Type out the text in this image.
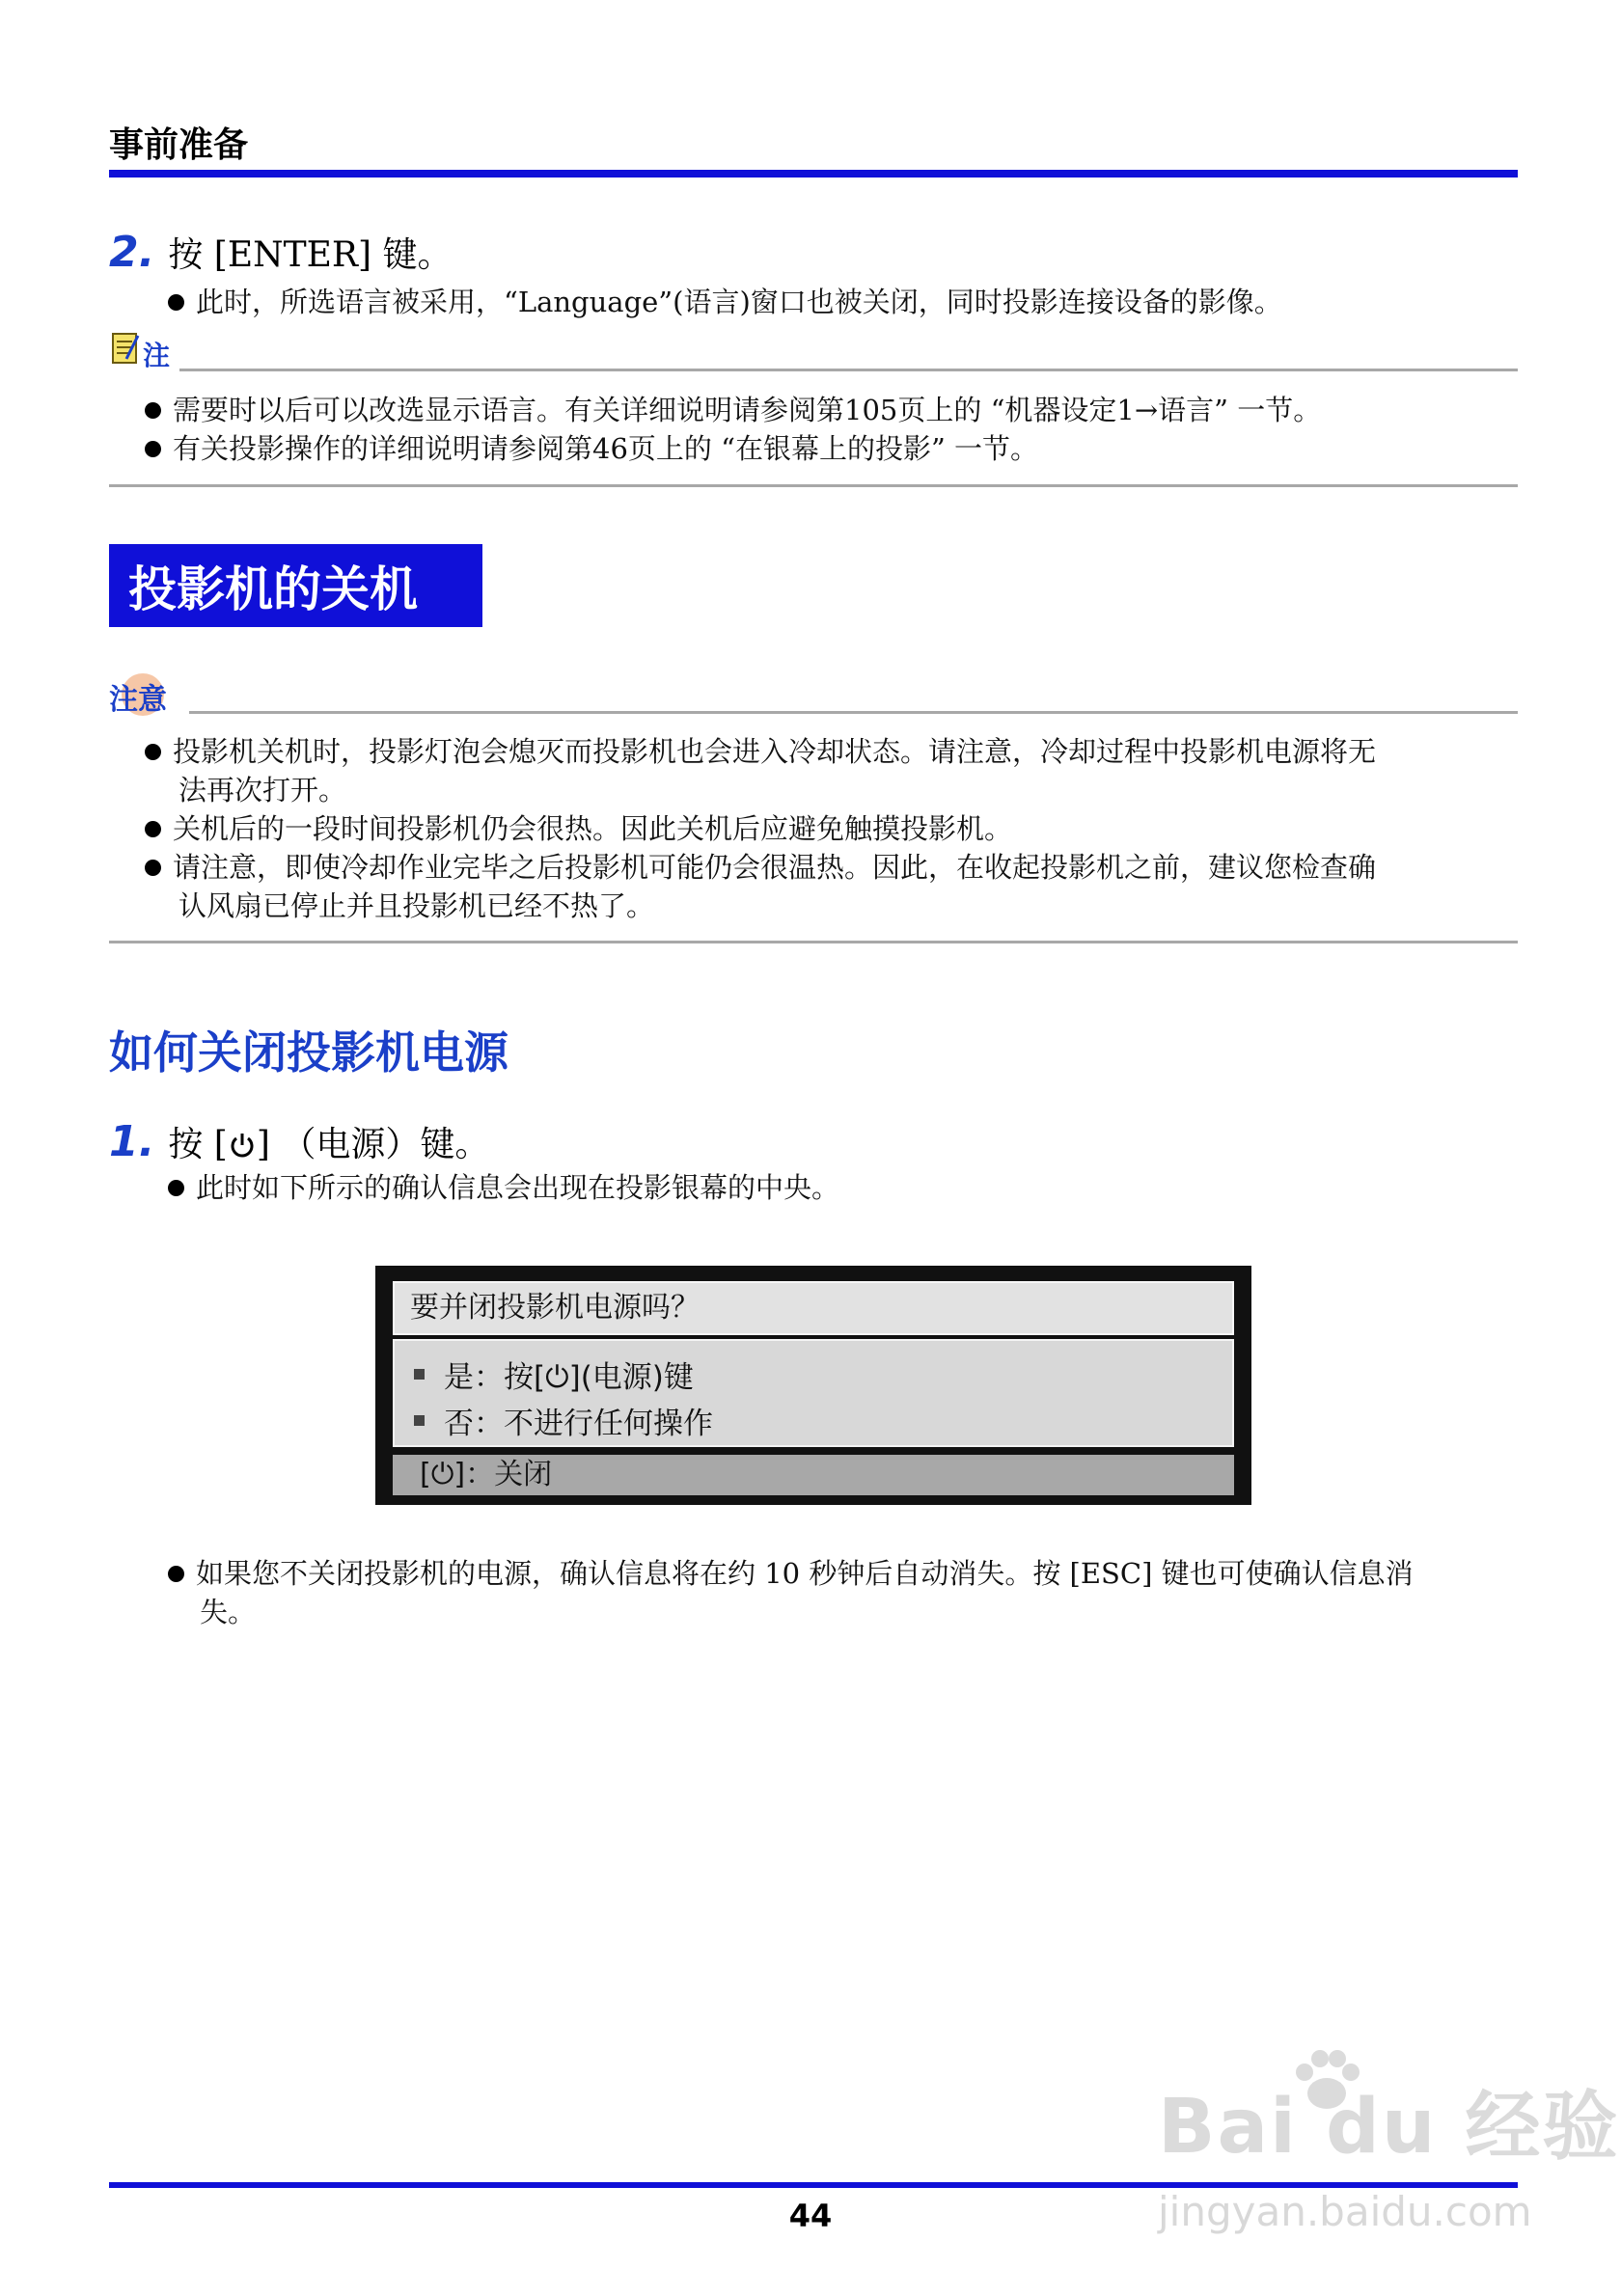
事前准备
2. 按 [ENTER] 键。
此时，所选语言被采用，“Language”(语言)窗口也被关闭，同时投影连接设备的影像。
注
需要时以后可以改选显示语言。有关详细说明请参阅第105页上的 “机器设定1→语言” 一节。
有关投影操作的详细说明请参阅第46页上的 “在银幕上的投影” 一节。
投影机的关机
注意
投影机关机时，投影灯泡会熄灭而投影机也会进入冷却状态。请注意，冷却过程中投影机电源将无
法再次打开。
关机后的一段时间投影机仍会很热。因此关机后应避免触摸投影机。
请注意，即使冷却作业完毕之后投影机可能仍会很温热。因此，在收起投影机之前，建议您检查确
认风扇已停止并且投影机已经不热了。
如何关闭投影机电源
1. 按 [ ] （电源）键。
此时如下所示的确认信息会出现在投影银幕的中央。
要并闭投影机电源吗？
是：按[⏻](电源)键
否：不进行任何操作
[⏻]：关闭
如果您不关闭投影机的电源，确认信息将在约 10 秒钟后自动消失。按 [ESC] 键也可使确认信息消
失。
44
Bai du 经验
jingyan.baidu.com
